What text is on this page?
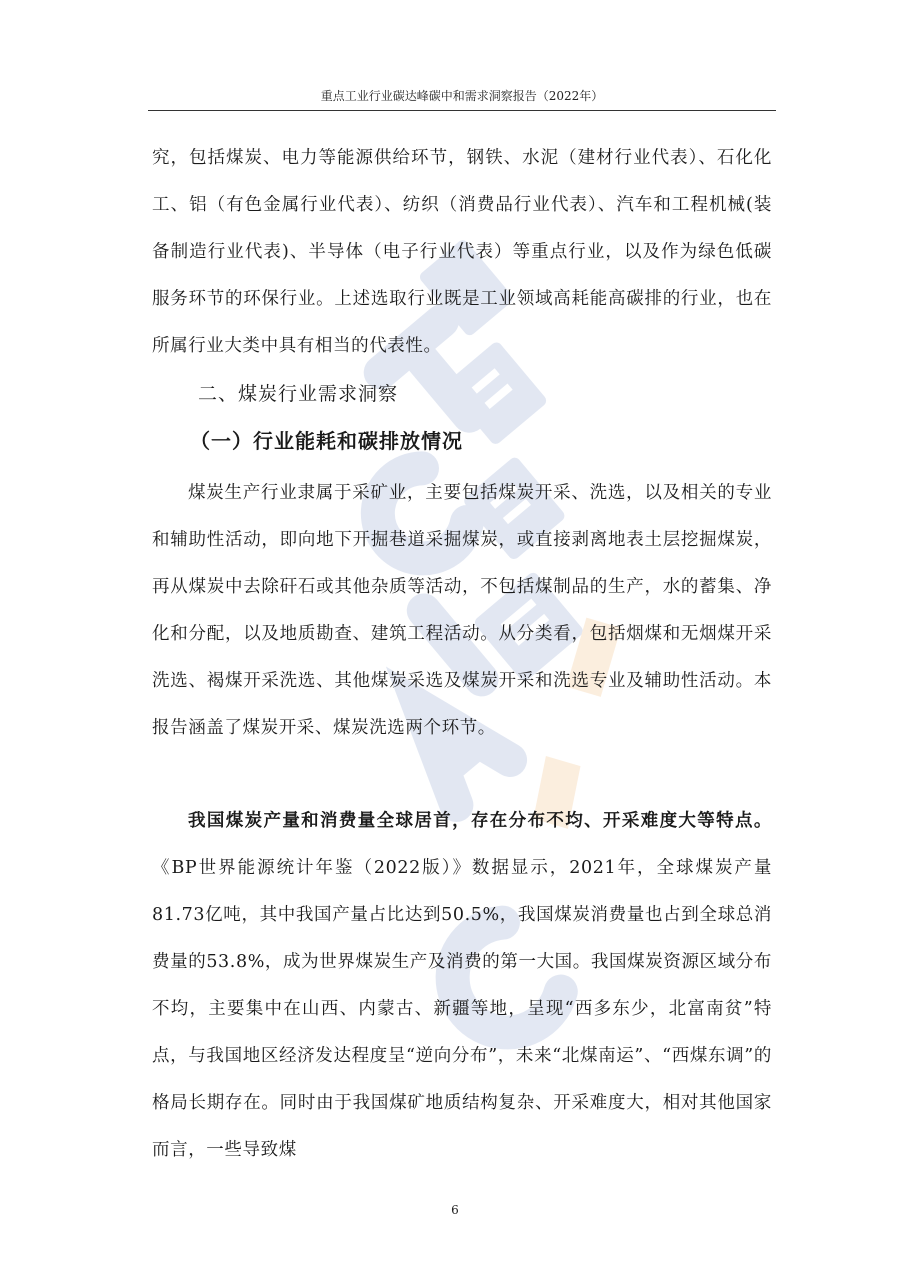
重点工业行业碳达峰碳中和需求洞察报告（2022年）

究，包括煤炭、电力等能源供给环节，钢铁、水泥（建材行业代表）、石化化工、铝（有色金属行业代表）、纺织（消费品行业代表）、汽车和工程机械(装备制造行业代表)、半导体（电子行业代表）等重点行业，以及作为绿色低碳服务环节的环保行业。上述选取行业既是工业领域高耗能高碳排的行业，也在所属行业大类中具有相当的代表性。

二、煤炭行业需求洞察
（一）行业能耗和碳排放情况

煤炭生产行业隶属于采矿业，主要包括煤炭开采、洗选，以及相关的专业和辅助性活动，即向地下开掘巷道采掘煤炭，或直接剥离地表土层挖掘煤炭，再从煤炭中去除矸石或其他杂质等活动，不包括煤制品的生产，水的蓄集、净化和分配，以及地质勘查、建筑工程活动。从分类看，包括烟煤和无烟煤开采洗选、褐煤开采洗选、其他煤炭采选及煤炭开采和洗选专业及辅助性活动。本报告涵盖了煤炭开采、煤炭洗选两个环节。

我国煤炭产量和消费量全球居首，存在分布不均、开采难度大等特点。《BP世界能源统计年鉴（2022版）》数据显示，2021年，全球煤炭产量81.73亿吨，其中我国产量占比达到50.5%，我国煤炭消费量也占到全球总消费量的53.8%，成为世界煤炭生产及消费的第一大国。我国煤炭资源区域分布不均，主要集中在山西、内蒙古、新疆等地，呈现“西多东少，北富南贫”特点，与我国地区经济发达程度呈“逆向分布”，未来“北煤南运”、“西煤东调”的格局长期存在。同时由于我国煤矿地质结构复杂、开采难度大，相对其他国家而言，一些导致煤

6
